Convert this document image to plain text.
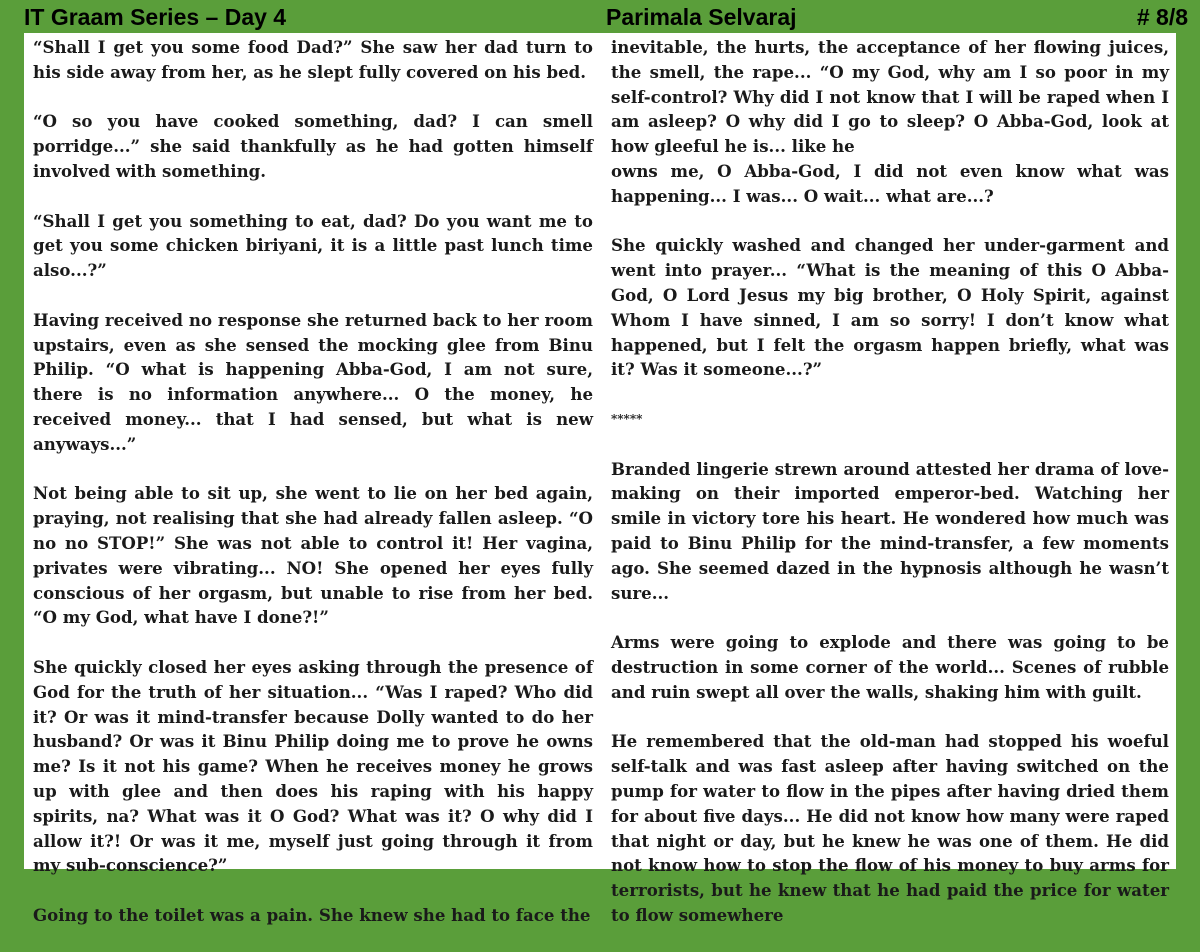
IT Graam Series – Day 4	Parimala Selvaraj	# 8/8

“Shall I get you some food Dad?” She saw her dad turn to his side away from her, as he slept fully covered on his bed.

“O so you have cooked something, dad? I can smell porridge...” she said thankfully as he had gotten himself involved with something.

“Shall I get you something to eat, dad? Do you want me to get you some chicken biriyani, it is a little past lunch time also...?”

Having received no response she returned back to her room upstairs, even as she sensed the mocking glee from Binu Philip. “O what is happening Abba-God, I am not sure, there is no information anywhere... O the money, he received money... that I had sensed, but what is new anyways...”

Not being able to sit up, she went to lie on her bed again, praying, not realising that she had already fallen asleep. “O no no STOP!” She was not able to control it! Her vagina, privates were vibrating... NO! She opened her eyes fully conscious of her orgasm, but unable to rise from her bed. “O my God, what have I done?!”

She quickly closed her eyes asking through the presence of God for the truth of her situation... “Was I raped? Who did it? Or was it mind-transfer because Dolly wanted to do her husband? Or was it Binu Philip doing me to prove he owns me? Is it not his game? When he receives money he grows up with glee and then does his raping with his happy spirits, na? What was it O God? What was it? O why did I allow it?! Or was it me, myself just going through it from my sub-conscience?”

Going to the toilet was a pain. She knew she had to face the

inevitable, the hurts, the acceptance of her flowing juices, the smell, the rape... “O my God, why am I so poor in my self-control? Why did I not know that I will be raped when I am asleep? O why did I go to sleep? O Abba-God, look at how gleeful he is... like he

owns me, O Abba-God, I did not even know what was happening... I was... O wait... what are...?

She quickly washed and changed her under-garment and went into prayer... “What is the meaning of this O Abba-God, O Lord Jesus my big brother, O Holy Spirit, against Whom I have sinned, I am so sorry! I don’t know what happened, but I felt the orgasm happen briefly, what was it? Was it someone...?”

*****

Branded lingerie strewn around attested her drama of love-making on their imported emperor-bed. Watching her smile in victory tore his heart. He wondered how much was paid to Binu Philip for the mind-transfer, a few moments ago. She seemed dazed in the hypnosis although he wasn’t sure...

Arms were going to explode and there was going to be destruction in some corner of the world... Scenes of rubble and ruin swept all over the walls, shaking him with guilt.

He remembered that the old-man had stopped his woeful self-talk and was fast asleep after having switched on the pump for water to flow in the pipes after having dried them for about five days... He did not know how many were raped that night or day, but he knew he was one of them. He did not know how to stop the flow of his money to buy arms for terrorists, but he knew that he had paid the price for water to flow somewhere
